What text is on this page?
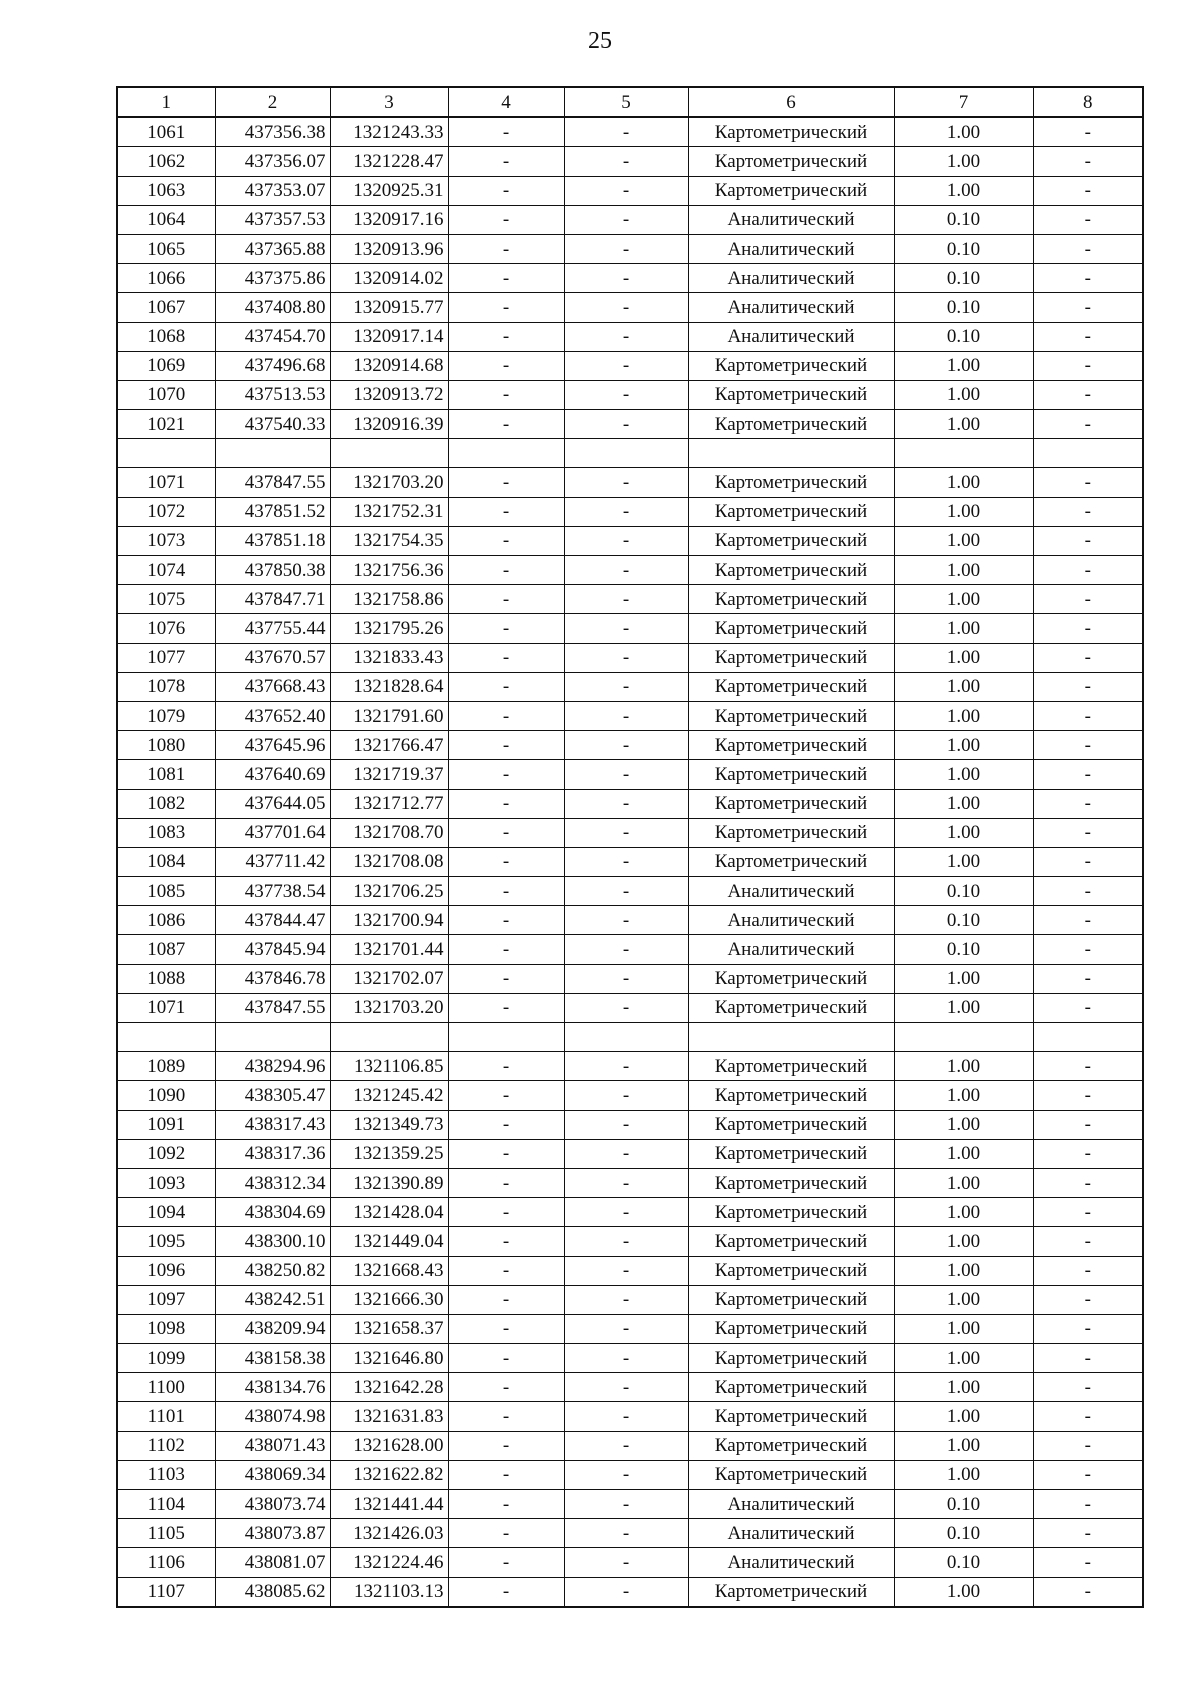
25
1	2	3	4	5	6	7	8
1061	437356.38	1321243.33	-	-	Картометрический	1.00	-
1062	437356.07	1321228.47	-	-	Картометрический	1.00	-
1063	437353.07	1320925.31	-	-	Картометрический	1.00	-
1064	437357.53	1320917.16	-	-	Аналитический	0.10	-
1065	437365.88	1320913.96	-	-	Аналитический	0.10	-
1066	437375.86	1320914.02	-	-	Аналитический	0.10	-
1067	437408.80	1320915.77	-	-	Аналитический	0.10	-
1068	437454.70	1320917.14	-	-	Аналитический	0.10	-
1069	437496.68	1320914.68	-	-	Картометрический	1.00	-
1070	437513.53	1320913.72	-	-	Картометрический	1.00	-
1021	437540.33	1320916.39	-	-	Картометрический	1.00	-

1071	437847.55	1321703.20	-	-	Картометрический	1.00	-
1072	437851.52	1321752.31	-	-	Картометрический	1.00	-
1073	437851.18	1321754.35	-	-	Картометрический	1.00	-
1074	437850.38	1321756.36	-	-	Картометрический	1.00	-
1075	437847.71	1321758.86	-	-	Картометрический	1.00	-
1076	437755.44	1321795.26	-	-	Картометрический	1.00	-
1077	437670.57	1321833.43	-	-	Картометрический	1.00	-
1078	437668.43	1321828.64	-	-	Картометрический	1.00	-
1079	437652.40	1321791.60	-	-	Картометрический	1.00	-
1080	437645.96	1321766.47	-	-	Картометрический	1.00	-
1081	437640.69	1321719.37	-	-	Картометрический	1.00	-
1082	437644.05	1321712.77	-	-	Картометрический	1.00	-
1083	437701.64	1321708.70	-	-	Картометрический	1.00	-
1084	437711.42	1321708.08	-	-	Картометрический	1.00	-
1085	437738.54	1321706.25	-	-	Аналитический	0.10	-
1086	437844.47	1321700.94	-	-	Аналитический	0.10	-
1087	437845.94	1321701.44	-	-	Аналитический	0.10	-
1088	437846.78	1321702.07	-	-	Картометрический	1.00	-
1071	437847.55	1321703.20	-	-	Картометрический	1.00	-

1089	438294.96	1321106.85	-	-	Картометрический	1.00	-
1090	438305.47	1321245.42	-	-	Картометрический	1.00	-
1091	438317.43	1321349.73	-	-	Картометрический	1.00	-
1092	438317.36	1321359.25	-	-	Картометрический	1.00	-
1093	438312.34	1321390.89	-	-	Картометрический	1.00	-
1094	438304.69	1321428.04	-	-	Картометрический	1.00	-
1095	438300.10	1321449.04	-	-	Картометрический	1.00	-
1096	438250.82	1321668.43	-	-	Картометрический	1.00	-
1097	438242.51	1321666.30	-	-	Картометрический	1.00	-
1098	438209.94	1321658.37	-	-	Картометрический	1.00	-
1099	438158.38	1321646.80	-	-	Картометрический	1.00	-
1100	438134.76	1321642.28	-	-	Картометрический	1.00	-
1101	438074.98	1321631.83	-	-	Картометрический	1.00	-
1102	438071.43	1321628.00	-	-	Картометрический	1.00	-
1103	438069.34	1321622.82	-	-	Картометрический	1.00	-
1104	438073.74	1321441.44	-	-	Аналитический	0.10	-
1105	438073.87	1321426.03	-	-	Аналитический	0.10	-
1106	438081.07	1321224.46	-	-	Аналитический	0.10	-
1107	438085.62	1321103.13	-	-	Картометрический	1.00	-
